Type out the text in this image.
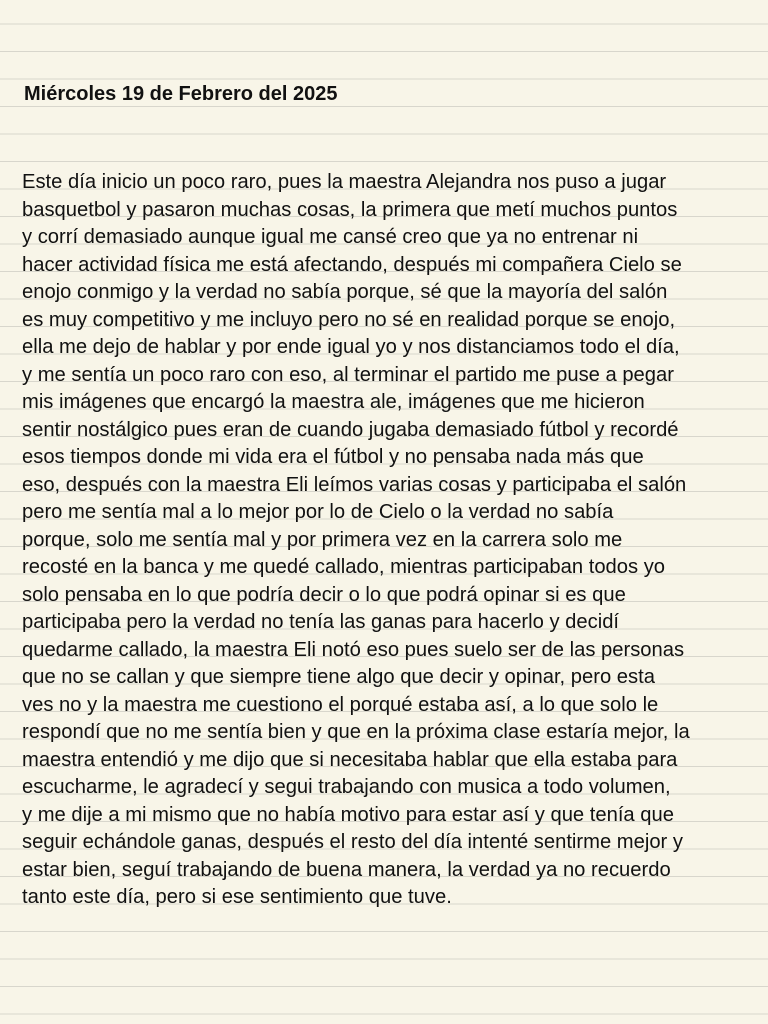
Miércoles 19 de Febrero del 2025
Este día inicio un poco raro, pues la maestra Alejandra nos puso a jugar
basquetbol y pasaron muchas cosas, la primera que metí muchos puntos
y corrí demasiado aunque igual me cansé creo que ya no entrenar ni
hacer actividad física me está afectando, después mi compañera Cielo se
enojo conmigo y la verdad no sabía porque, sé que la mayoría del salón
es muy competitivo y me incluyo pero no sé en realidad porque se enojo,
ella me dejo de hablar y por ende igual yo y nos distanciamos todo el día,
y me sentía un poco raro con eso, al terminar el partido me puse a pegar
mis imágenes que encargó la maestra ale, imágenes que me hicieron
sentir nostálgico pues eran de cuando jugaba demasiado fútbol y recordé
esos tiempos donde mi vida era el fútbol y no pensaba nada más que
eso, después con la maestra Eli leímos varias cosas y participaba el salón
pero me sentía mal a lo mejor por lo de Cielo o la verdad no sabía
porque, solo me sentía mal y por primera vez en la carrera solo me
recosté en la banca y me quedé callado, mientras participaban todos yo
solo pensaba en lo que podría decir o lo que podrá opinar si es que
participaba pero la verdad no tenía las ganas para hacerlo y decidí
quedarme callado, la maestra Eli notó eso pues suelo ser de las personas
que no se callan y que siempre tiene algo que decir y opinar, pero esta
ves no y la maestra me cuestiono el porqué estaba así, a lo que solo le
respondí que no me sentía bien y que en la próxima clase estaría mejor, la
maestra entendió y me dijo que si necesitaba hablar que ella estaba para
escucharme, le agradecí y segui trabajando con musica a todo volumen,
y me dije a mi mismo que no había motivo para estar así y que tenía que
seguir echándole ganas, después el resto del día intenté sentirme mejor y
estar bien, seguí trabajando de buena manera, la verdad ya no recuerdo
tanto este día, pero si ese sentimiento que tuve.
